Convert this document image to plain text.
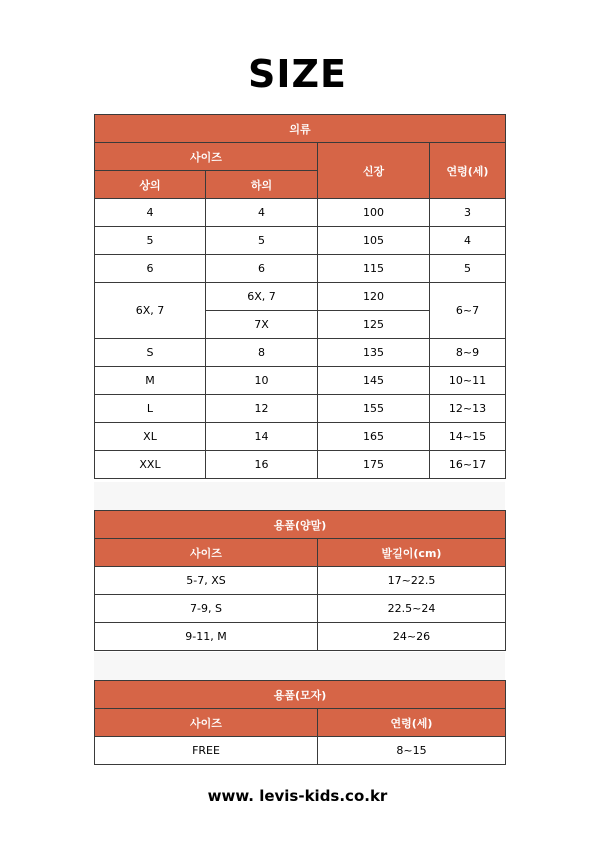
SIZE
의류			
사이즈		신장	연령(세)
상의	하의		
4	4	100	3
5	5	105	4
6	6	115	5
6X, 7	6X, 7	120	6~7
	7X	125	
S	8	135	8~9
M	10	145	10~11
L	12	155	12~13
XL	14	165	14~15
XXL	16	175	16~17
용품(양말)	
사이즈	발길이(cm)
5-7, XS	17~22.5
7-9, S	22.5~24
9-11, M	24~26
용품(모자)	
사이즈	연령(세)
FREE	8~15
www. levis-kids.co.kr
